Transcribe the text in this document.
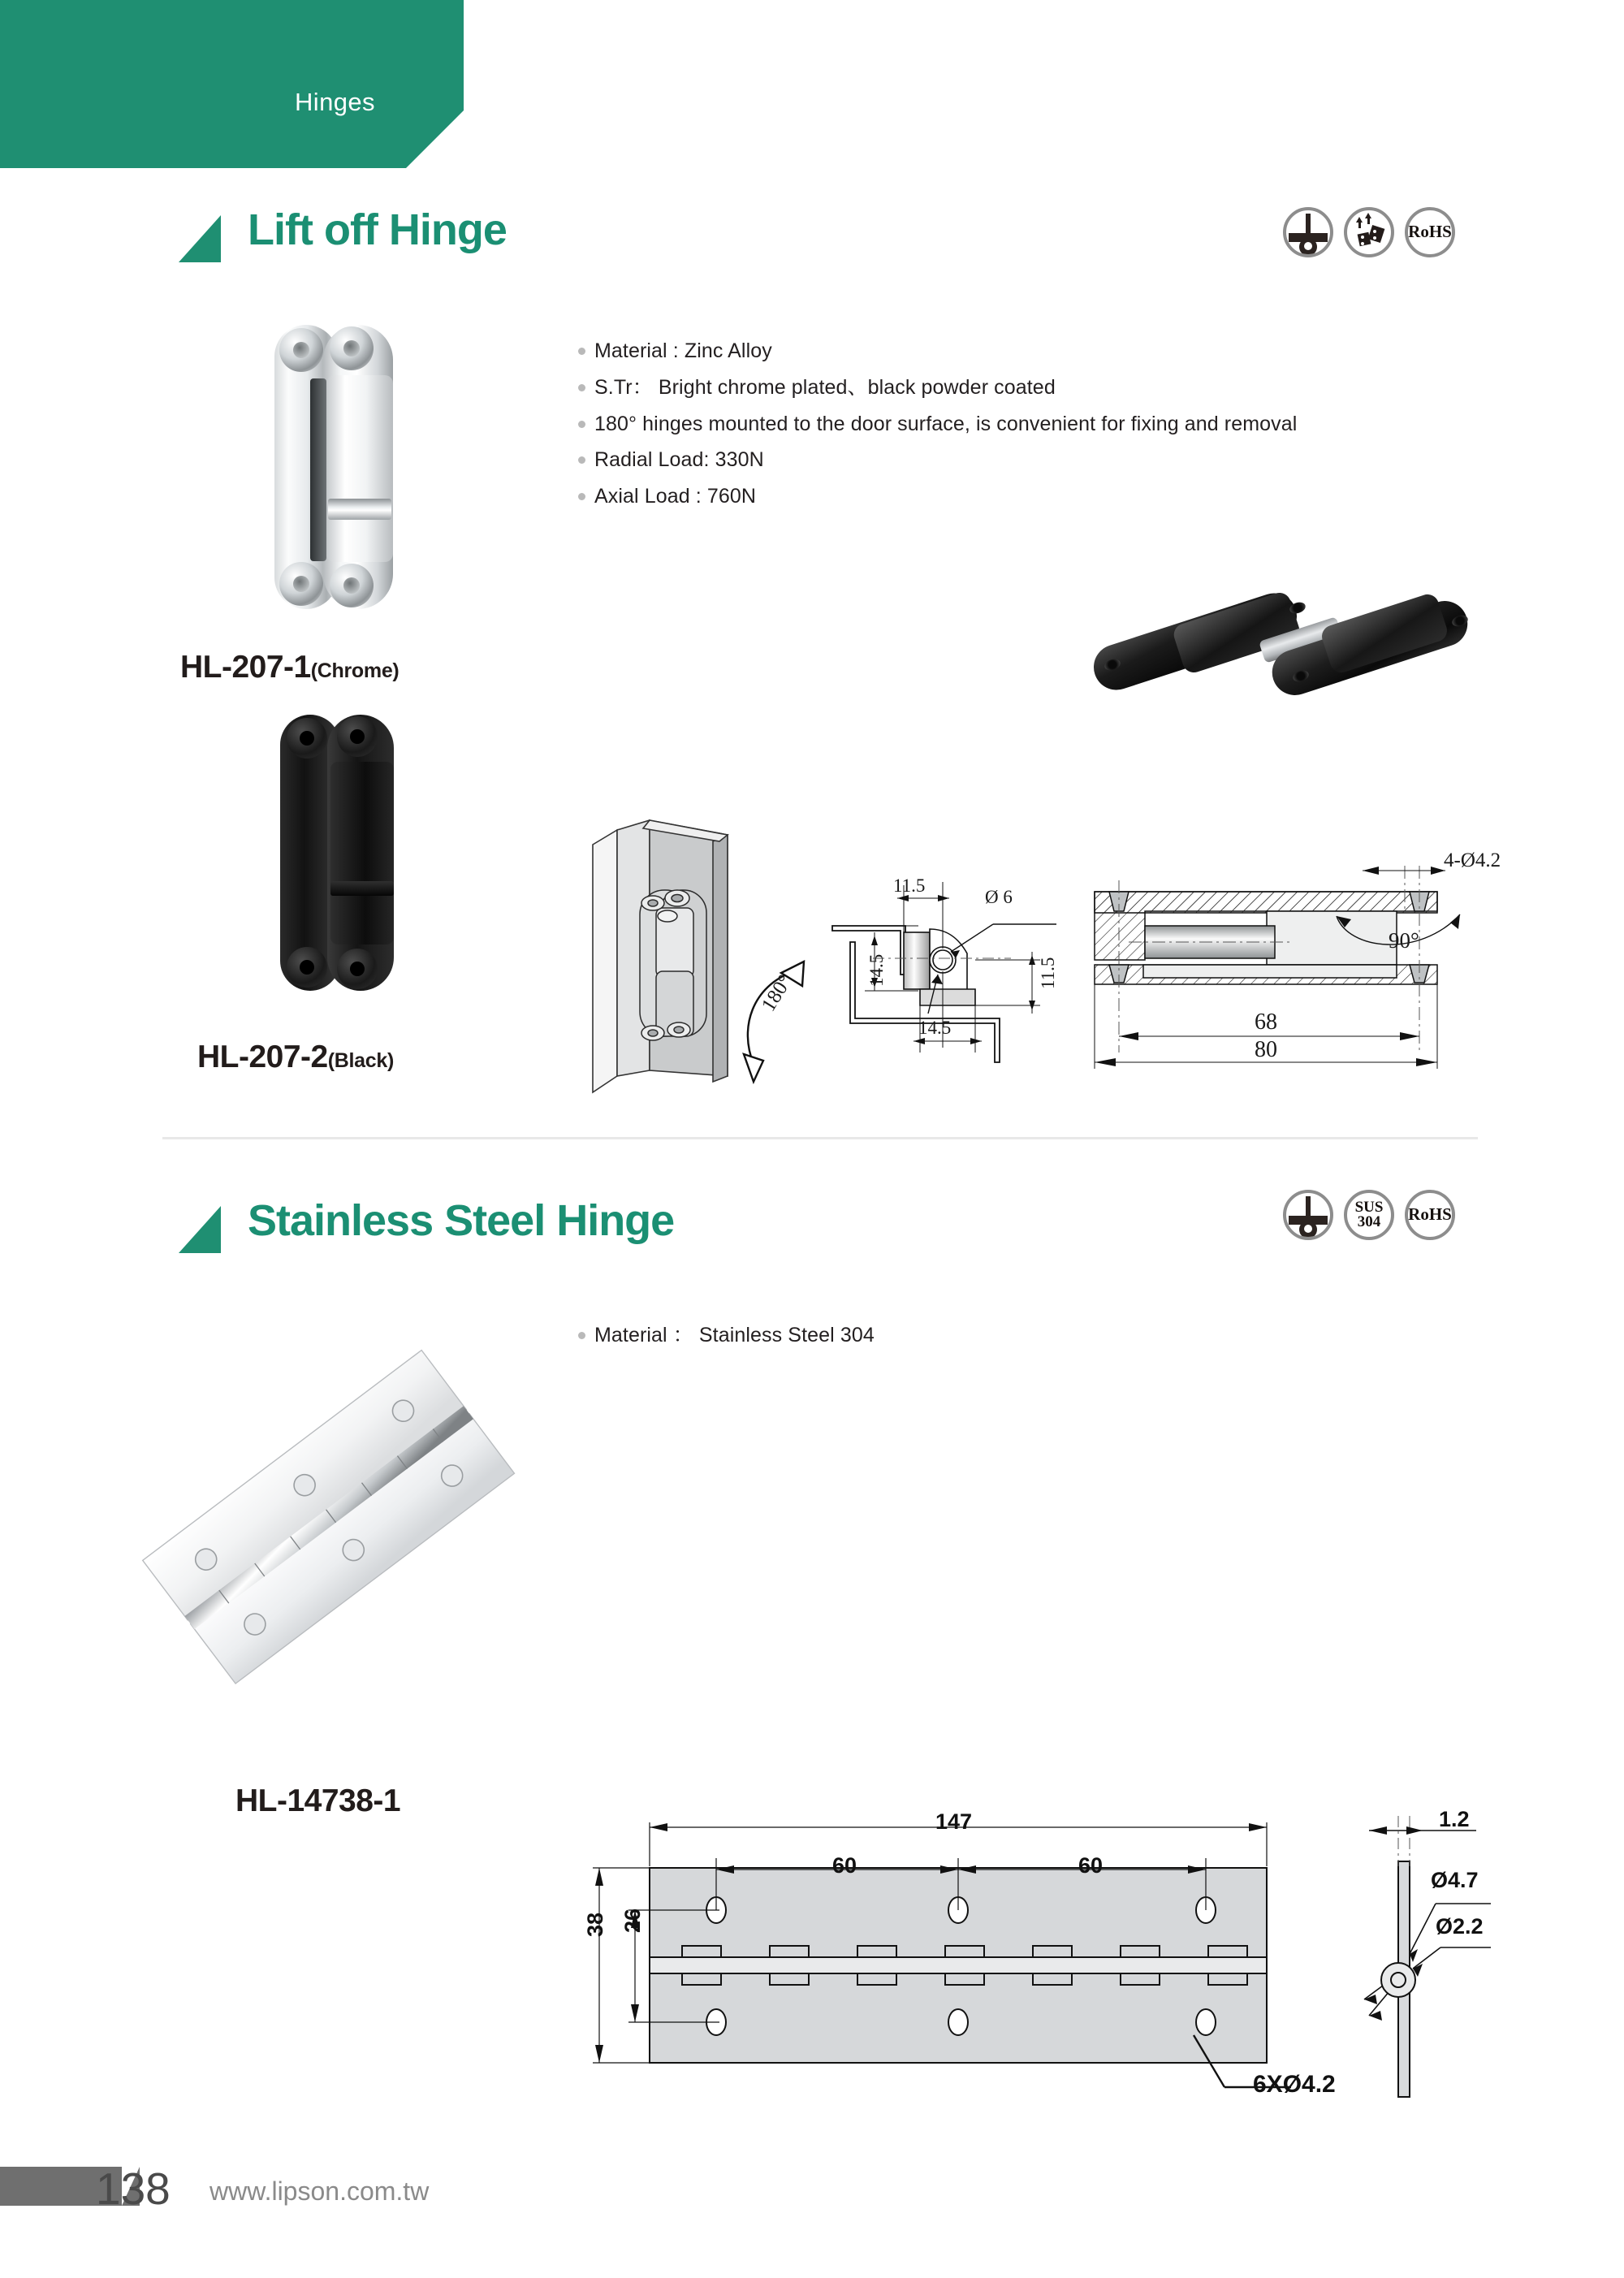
Hinges
Lift off Hinge	RoHS
Material : Zinc Alloy
S.Tr： Bright chrome plated、black powder coated
180° hinges mounted to the door surface, is convenient for fixing and removal
Radial Load: 330N
Axial Load : 760N
HL-207-1(Chrome)
HL-207-2(Black)
180°
11.5
14.5
Ø 6
11.5
14.5
4-Ø4.2
90°
68
80
Stainless Steel Hinge	SUS
304 RoHS
Material ： Stainless Steel 304
HL-14738-1
147
60	60
38 26
6XØ4.2
1.2
Ø4.7
Ø2.2
138 www.lipson.com.tw
